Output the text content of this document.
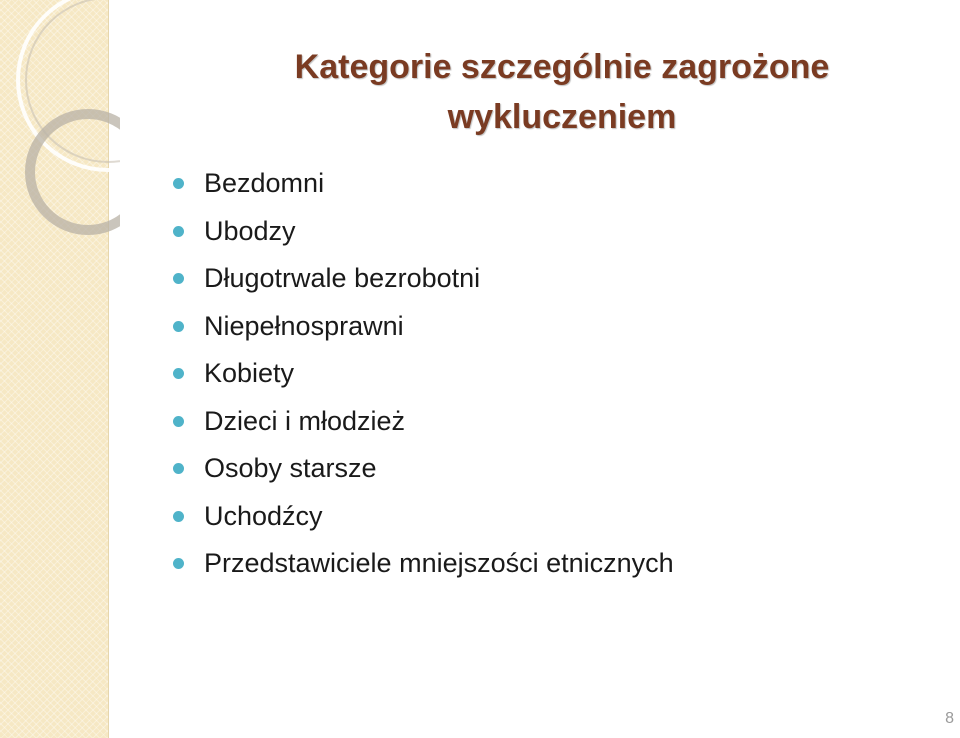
Kategorie szczególnie zagrożone
wykluczeniem
Bezdomni
Ubodzy
Długotrwale bezrobotni
Niepełnosprawni
Kobiety
Dzieci i młodzież
Osoby starsze
Uchodźcy
Przedstawiciele mniejszości etnicznych
8
